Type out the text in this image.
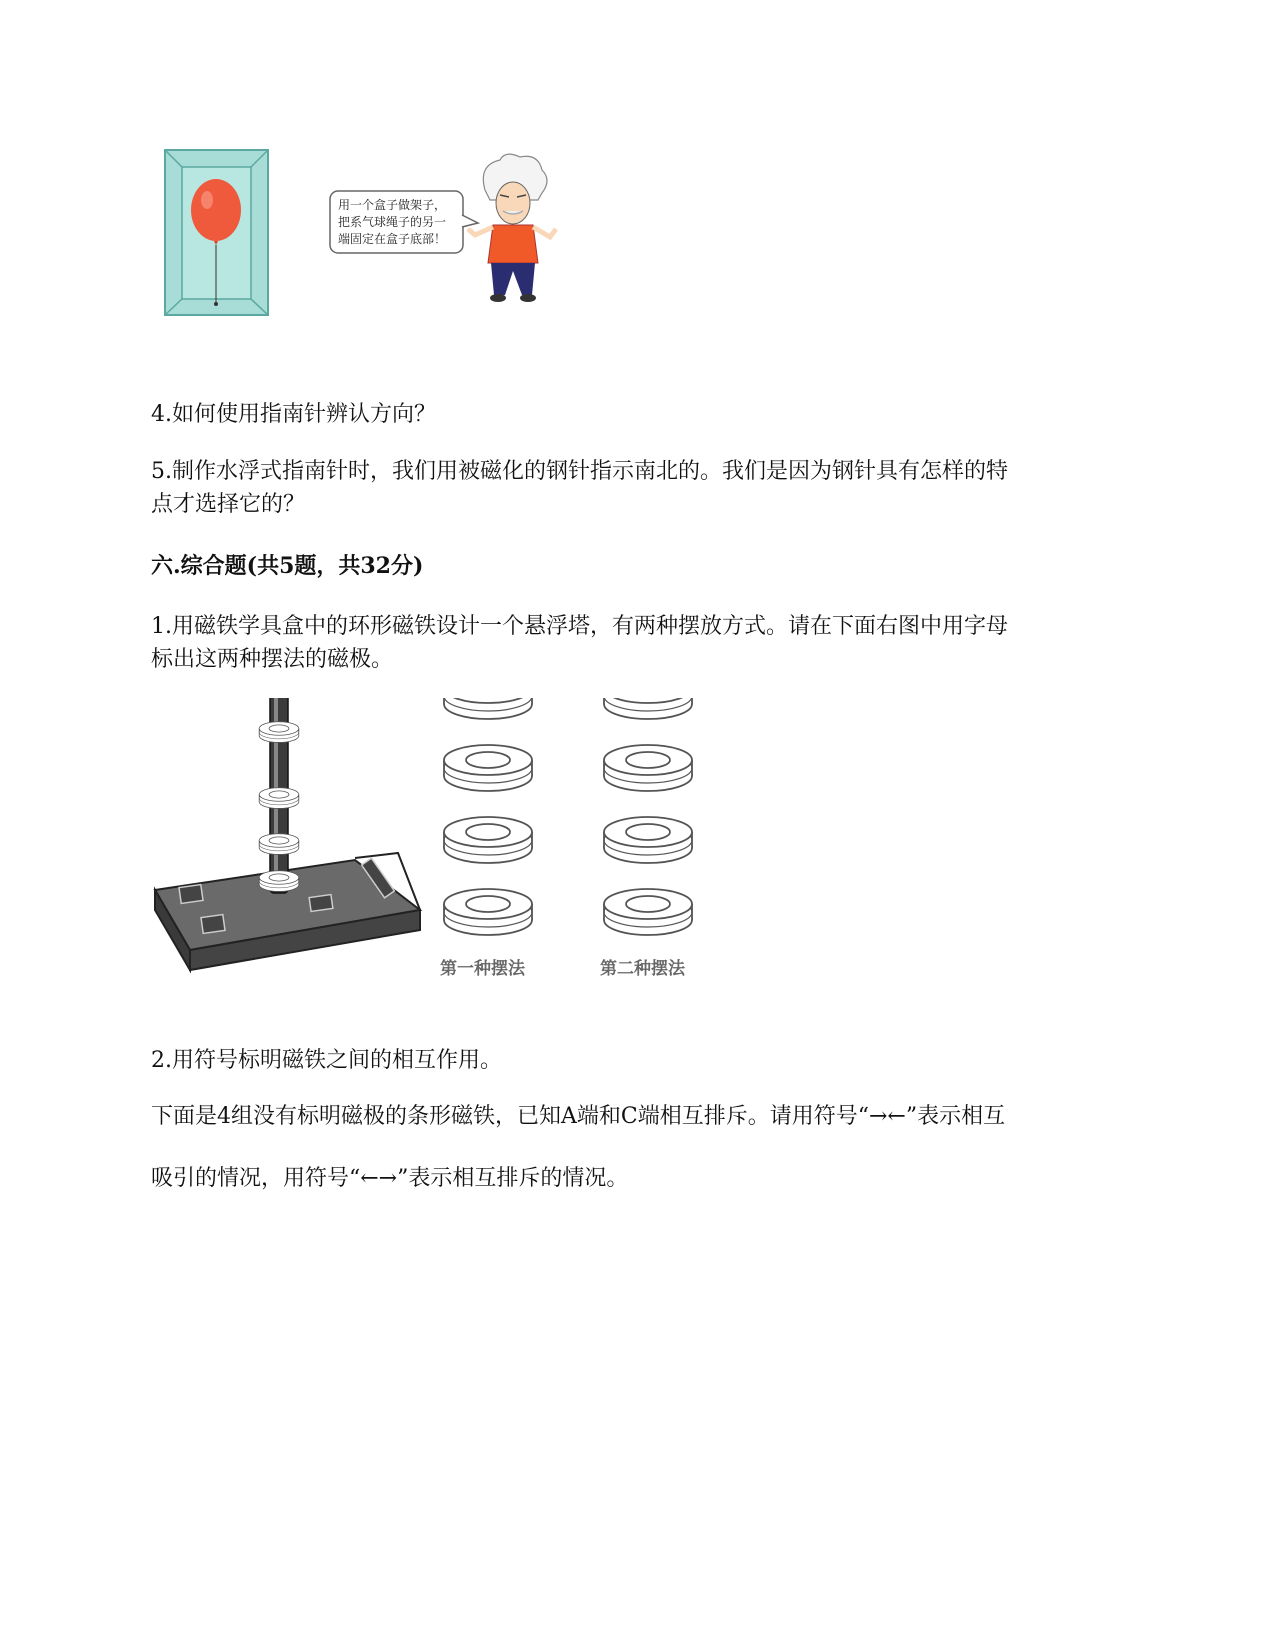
用一个盒子做架子，
把系气球绳子的另一
端固定在盒子底部！
4.如何使用指南针辨认方向？
5.制作水浮式指南针时，我们用被磁化的钢针指示南北的。我们是因为钢针具有怎样的特
点才选择它的？
六.综合题(共5题，共32分)
1.用磁铁学具盒中的环形磁铁设计一个悬浮塔，有两种摆放方式。请在下面右图中用字母
标出这两种摆法的磁极。
第一种摆法	第二种摆法
2.用符号标明磁铁之间的相互作用。
下面是4组没有标明磁极的条形磁铁，已知A端和C端相互排斥。请用符号“→←”表示相互
吸引的情况，用符号“←→”表示相互排斥的情况。
